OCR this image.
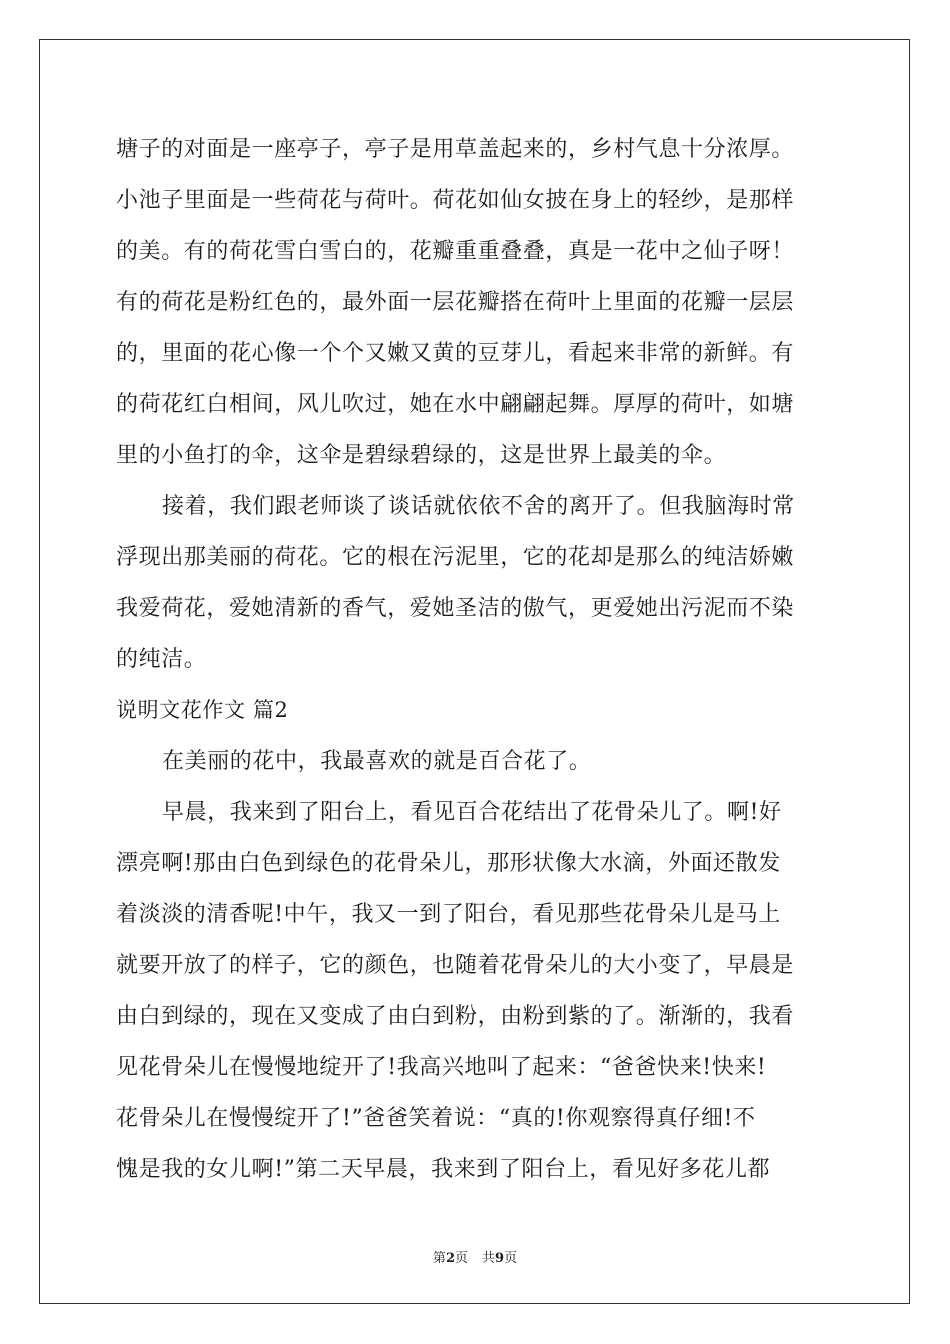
塘子的对面是一座亭子，亭子是用草盖起来的，乡村气息十分浓厚。
小池子里面是一些荷花与荷叶。荷花如仙女披在身上的轻纱，是那样
的美。有的荷花雪白雪白的，花瓣重重叠叠，真是一花中之仙子呀！
有的荷花是粉红色的，最外面一层花瓣搭在荷叶上里面的花瓣一层层
的，里面的花心像一个个又嫩又黄的豆芽儿，看起来非常的新鲜。有
的荷花红白相间，风儿吹过，她在水中翩翩起舞。厚厚的荷叶，如塘
里的小鱼打的伞，这伞是碧绿碧绿的，这是世界上最美的伞。
接着，我们跟老师谈了谈话就依依不舍的离开了。但我脑海时常
浮现出那美丽的荷花。它的根在污泥里，它的花却是那么的纯洁娇嫩
我爱荷花，爱她清新的香气，爱她圣洁的傲气，更爱她出污泥而不染
的纯洁。
说明文花作文 篇2
在美丽的花中，我最喜欢的就是百合花了。
早晨，我来到了阳台上，看见百合花结出了花骨朵儿了。啊!好
漂亮啊!那由白色到绿色的花骨朵儿，那形状像大水滴，外面还散发
着淡淡的清香呢!中午，我又一到了阳台，看见那些花骨朵儿是马上
就要开放了的样子，它的颜色，也随着花骨朵儿的大小变了，早晨是
由白到绿的，现在又变成了由白到粉，由粉到紫的了。渐渐的，我看
见花骨朵儿在慢慢地绽开了!我高兴地叫了起来：“爸爸快来!快来!
花骨朵儿在慢慢绽开了!”爸爸笑着说：“真的!你观察得真仔细!不
愧是我的女儿啊!”第二天早晨，我来到了阳台上，看见好多花儿都
第2页 共9页
